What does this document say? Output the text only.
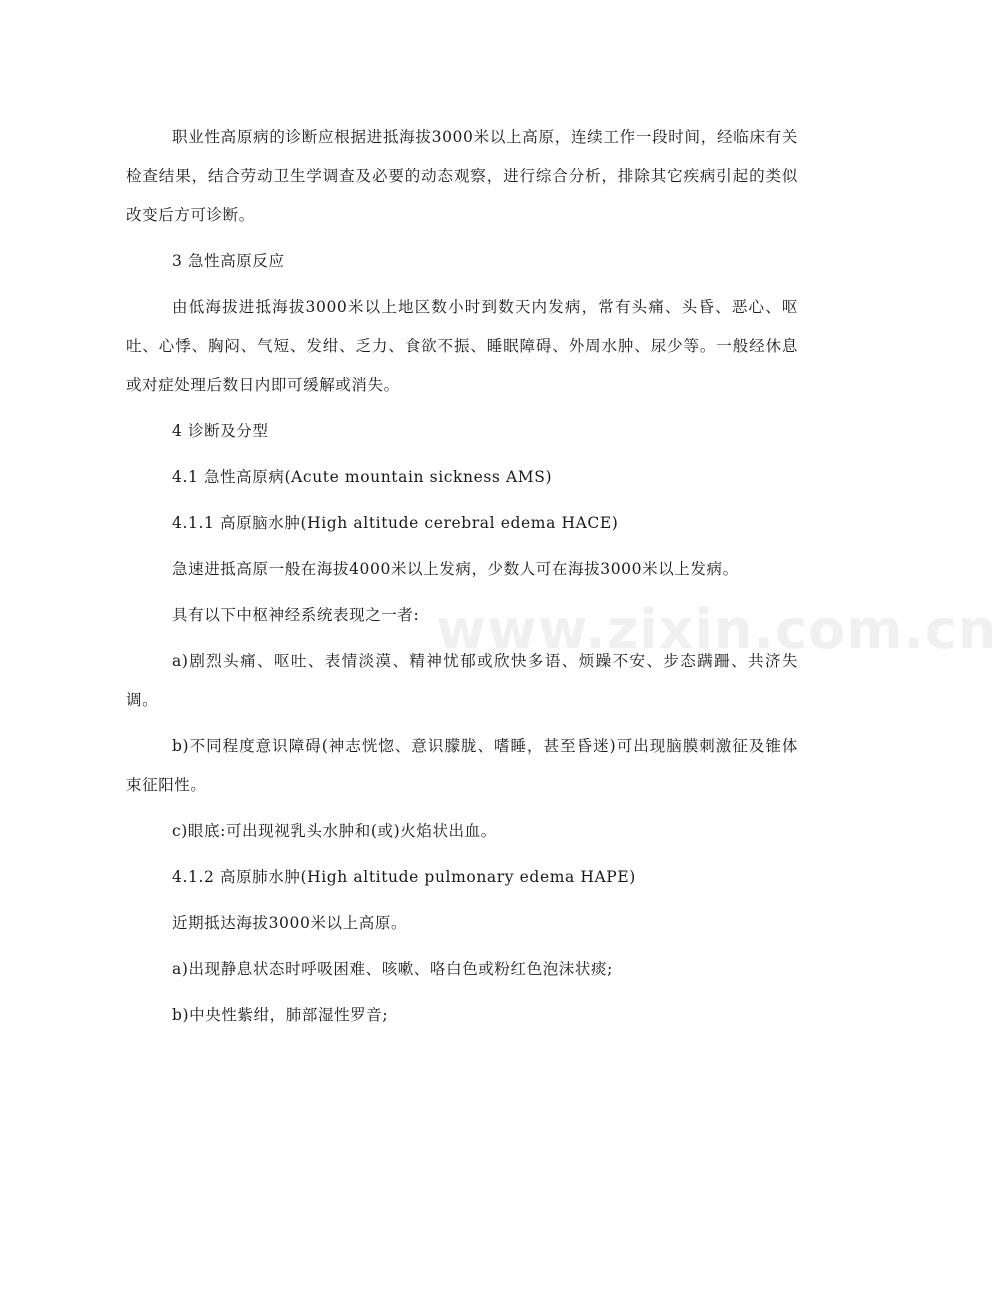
职业性高原病的诊断应根据进抵海拔3000米以上高原，连续工作一段时间，经临床有关检查结果，结合劳动卫生学调查及必要的动态观察，进行综合分析，排除其它疾病引起的类似改变后方可诊断。

3 急性高原反应

由低海拔进抵海拔3000米以上地区数小时到数天内发病，常有头痛、头昏、恶心、呕吐、心悸、胸闷、气短、发绀、乏力、食欲不振、睡眠障碍、外周水肿、尿少等。一般经休息或对症处理后数日内即可缓解或消失。

4 诊断及分型

4.1 急性高原病(Acute mountain sickness AMS)

4.1.1 高原脑水肿(High altitude cerebral edema HACE)

急速进抵高原一般在海拔4000米以上发病，少数人可在海拔3000米以上发病。

具有以下中枢神经系统表现之一者:

a)剧烈头痛、呕吐、表情淡漠、精神忧郁或欣快多语、烦躁不安、步态蹒跚、共济失调。

b)不同程度意识障碍(神志恍惚、意识朦胧、嗜睡，甚至昏迷)可出现脑膜刺激征及锥体束征阳性。

c)眼底:可出现视乳头水肿和(或)火焰状出血。

4.1.2 高原肺水肿(High altitude pulmonary edema HAPE)

近期抵达海拔3000米以上高原。

a)出现静息状态时呼吸困难、咳嗽、咯白色或粉红色泡沫状痰;

b)中央性紫绀，肺部湿性罗音;

www.zixin.com.cn
